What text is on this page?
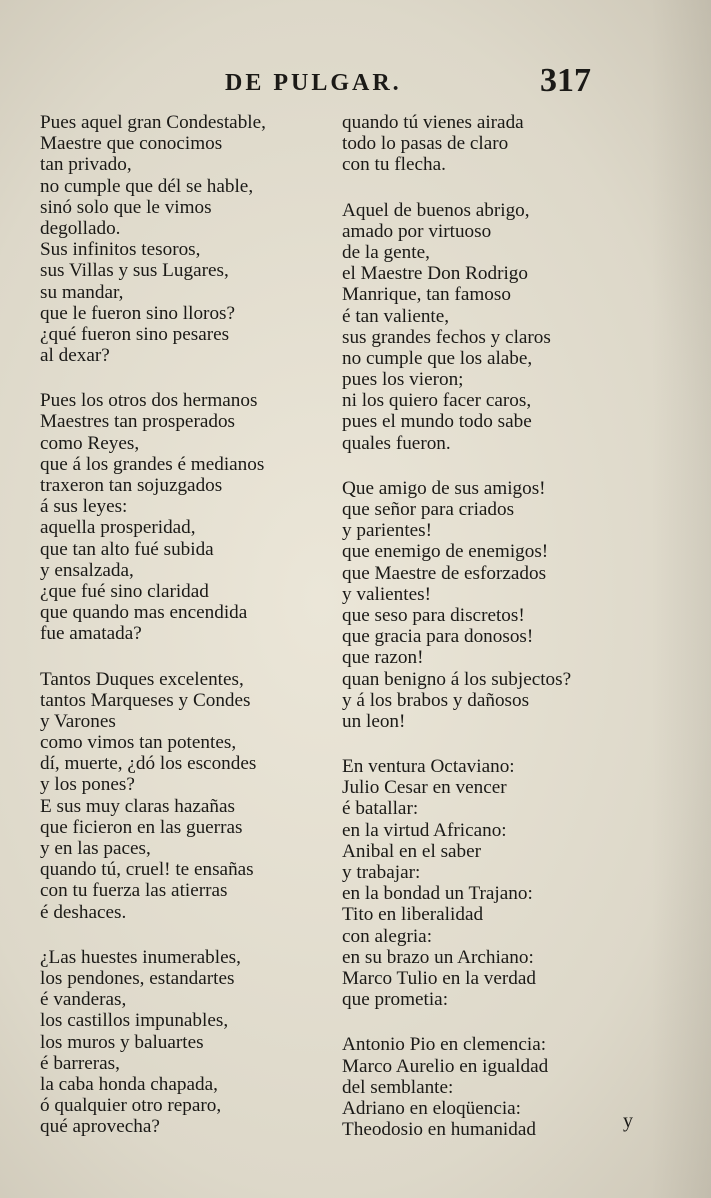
DE PULGAR.	317
Pues aquel gran Condestable,
Maestre que conocimos
tan privado,
no cumple que dél se hable,
sinó solo que le vimos
degollado.
Sus infinitos tesoros,
sus Villas y sus Lugares,
su mandar,
que le fueron sino lloros?
¿qué fueron sino pesares
al dexar?
Pues los otros dos hermanos
Maestres tan prosperados
como Reyes,
que á los grandes é medianos
traxeron tan sojuzgados
á sus leyes:
aquella prosperidad,
que tan alto fué subida
y ensalzada,
¿que fué sino claridad
que quando mas encendida
fue amatada?
Tantos Duques excelentes,
tantos Marqueses y Condes
y Varones
como vimos tan potentes,
dí, muerte, ¿dó los escondes
y los pones?
E sus muy claras hazañas
que ficieron en las guerras
y en las paces,
quando tú, cruel! te ensañas
con tu fuerza las atierras
é deshaces.
¿Las huestes inumerables,
los pendones, estandartes
é vanderas,
los castillos impunables,
los muros y baluartes
é barreras,
la caba honda chapada,
ó qualquier otro reparo,
qué aprovecha?
quando tú vienes airada
todo lo pasas de claro
con tu flecha.
Aquel de buenos abrigo,
amado por virtuoso
de la gente,
el Maestre Don Rodrigo
Manrique, tan famoso
é tan valiente,
sus grandes fechos y claros
no cumple que los alabe,
pues los vieron;
ni los quiero facer caros,
pues el mundo todo sabe
quales fueron.
Que amigo de sus amigos!
que señor para criados
y parientes!
que enemigo de enemigos!
que Maestre de esforzados
y valientes!
que seso para discretos!
que gracia para donosos!
que razon!
quan benigno á los subjectos?
y á los brabos y dañosos
un leon!
En ventura Octaviano:
Julio Cesar en vencer
é batallar:
en la virtud Africano:
Anibal en el saber
y trabajar:
en la bondad un Trajano:
Tito en liberalidad
con alegria:
en su brazo un Archiano:
Marco Tulio en la verdad
que prometia:
Antonio Pio en clemencia:
Marco Aurelio en igualdad
del semblante:
Adriano en eloqüencia:
Theodosio en humanidad	y
